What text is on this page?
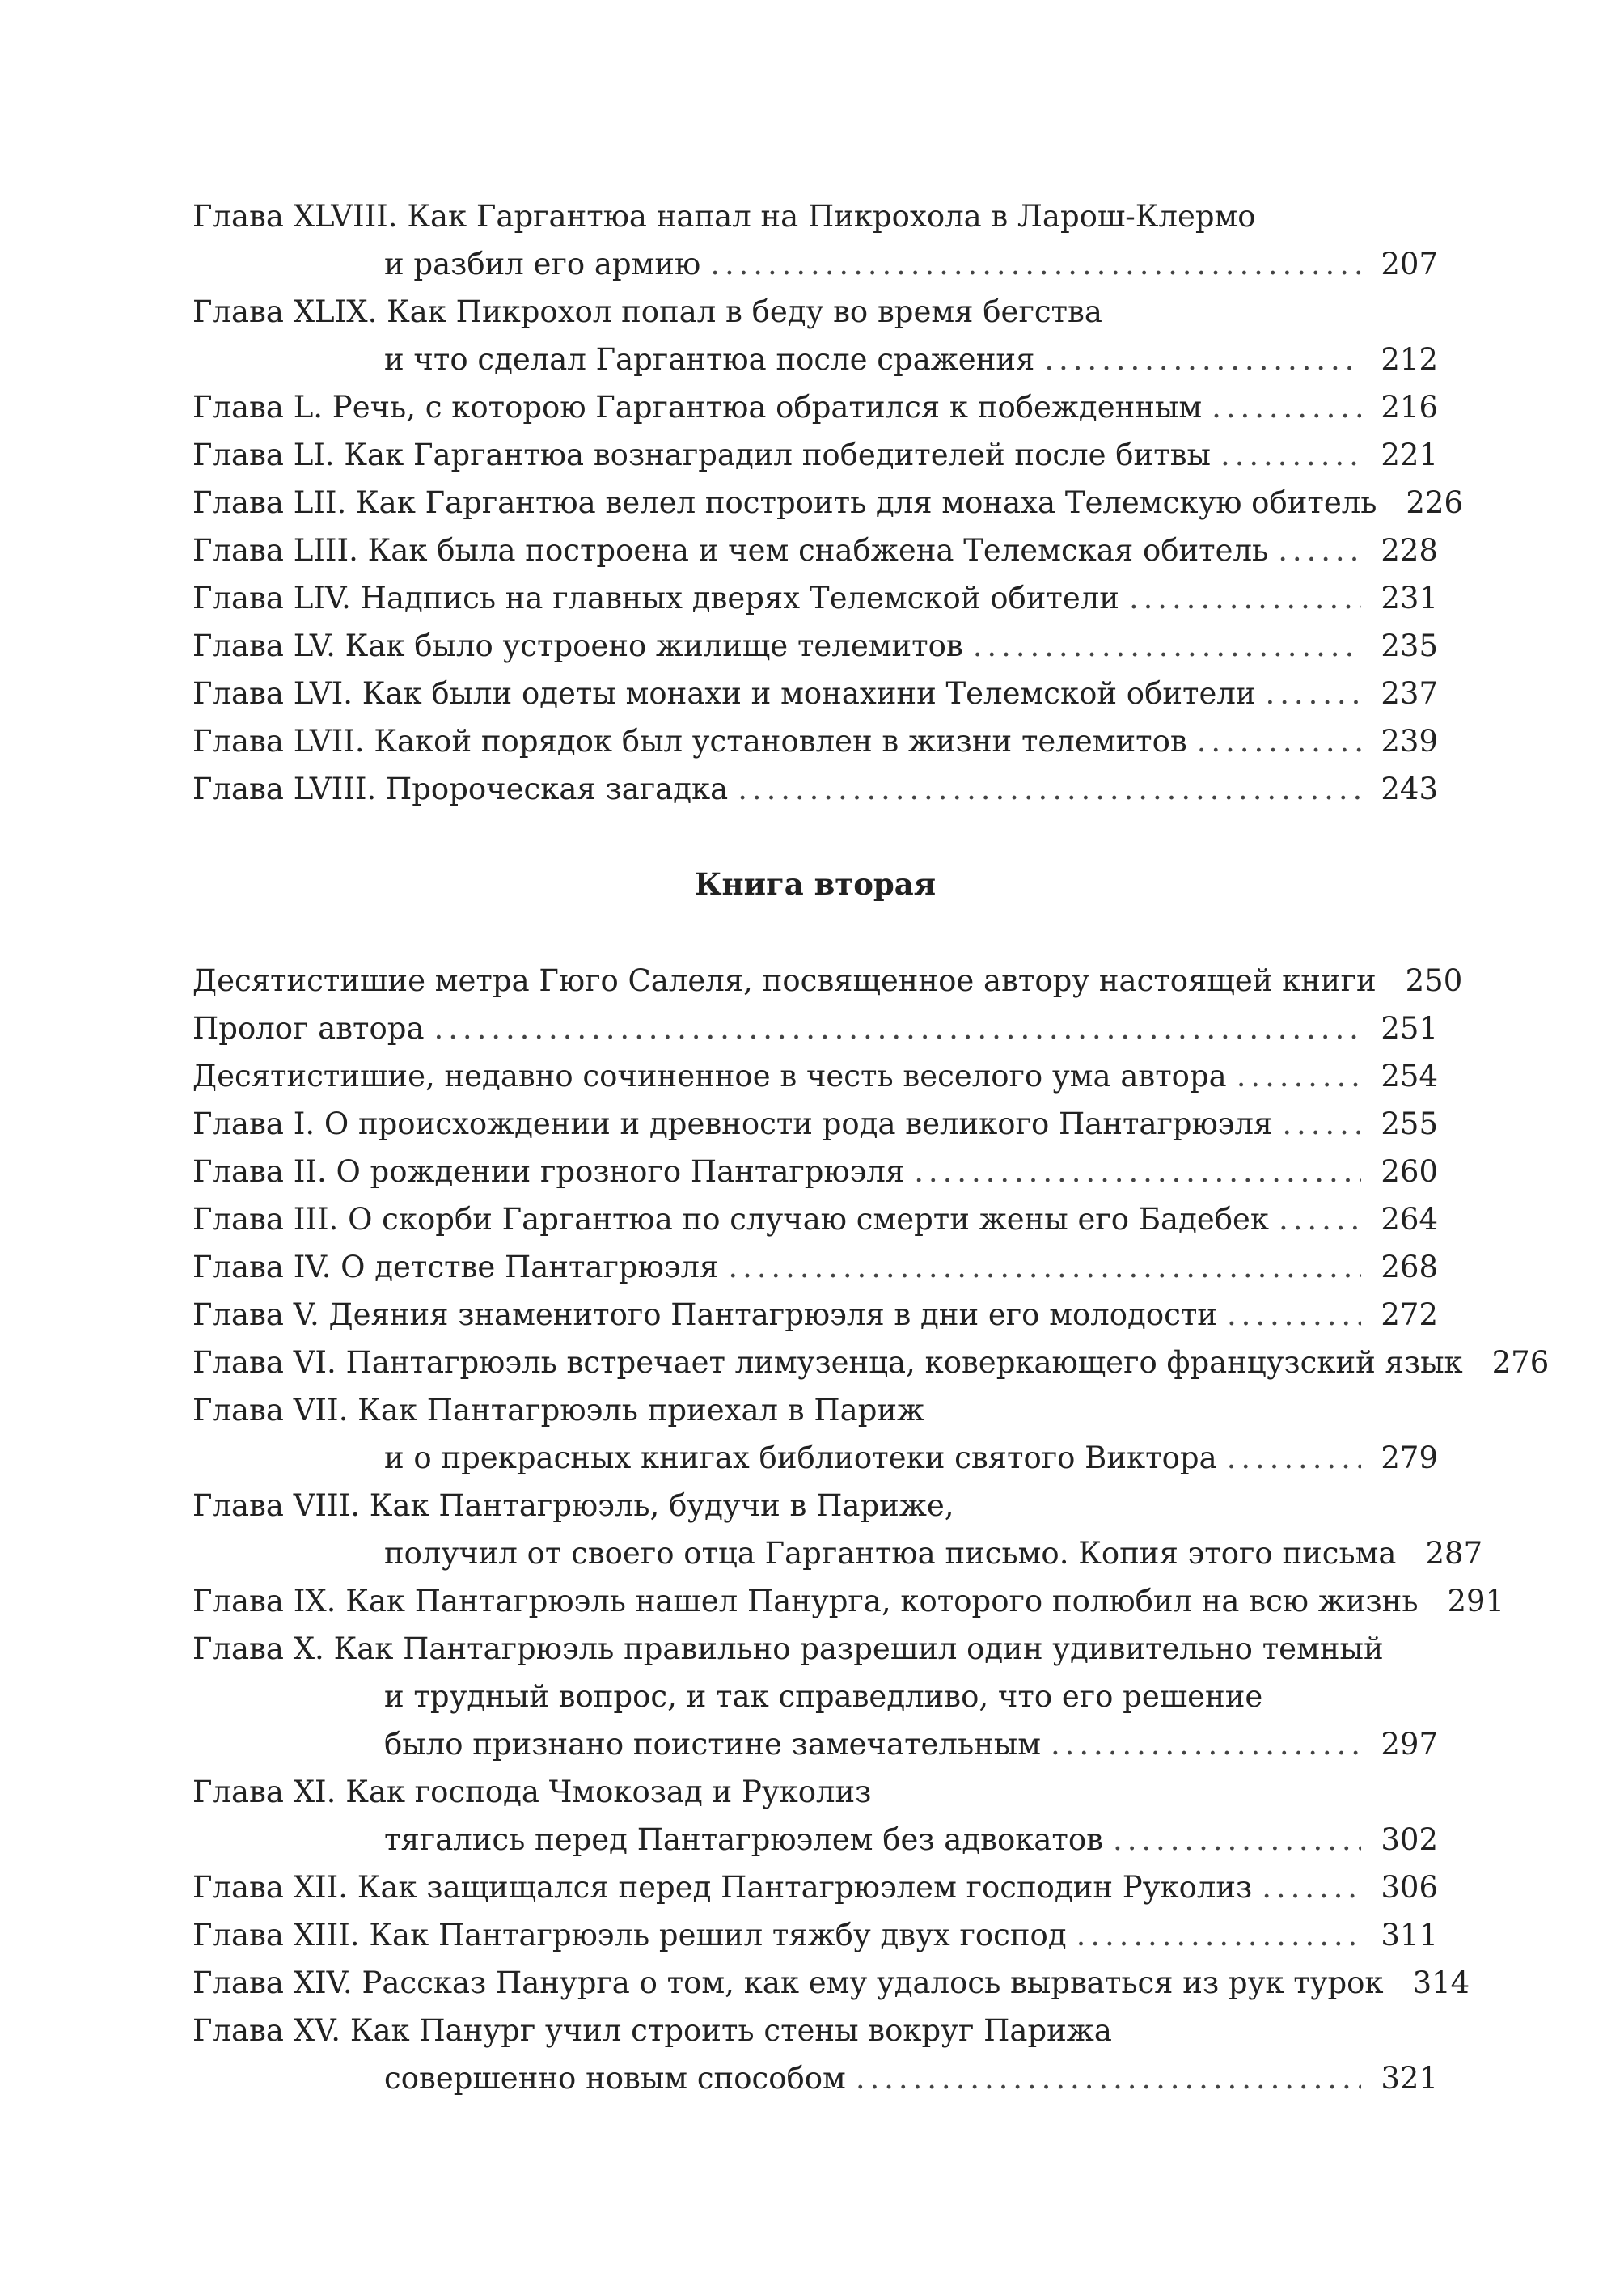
Глава XLVIII. Как Гаргантюа напал на Пикрохола в Ларош-Клермо
и разбил его армию .....	207
Глава XLIX. Как Пикрохол попал в беду во время бегства
и что сделал Гаргантюа после сражения .....	212
Глава L. Речь, с которою Гаргантюа обратился к побежденным .....	216
Глава LI. Как Гаргантюа вознаградил победителей после битвы .....	221
Глава LII. Как Гаргантюа велел построить для монаха Телемскую обитель 226
Глава LIII. Как была построена и чем снабжена Телемская обитель .....	228
Глава LIV. Надпись на главных дверях Телемской обители .....	231
Глава LV. Как было устроено жилище телемитов .....	235
Глава LVI. Как были одеты монахи и монахини Телемской обители .....	237
Глава LVII. Какой порядок был установлен в жизни телемитов .....	239
Глава LVIII. Пророческая загадка .....	243
Книга вторая
Десятистишие метра Гюго Салеля, посвященное автору настоящей книги 250
Пролог автора .....	251
Десятистишие, недавно сочиненное в честь веселого ума автора .....	254
Глава I. О происхождении и древности рода великого Пантагрюэля .....	255
Глава II. О рождении грозного Пантагрюэля .....	260
Глава III. О скорби Гаргантюа по случаю смерти жены его Бадебек .....	264
Глава IV. О детстве Пантагрюэля .....	268
Глава V. Деяния знаменитого Пантагрюэля в дни его молодости .....	272
Глава VI. Пантагрюэль встречает лимузенца, коверкающего французский язык 276
Глава VII. Как Пантагрюэль приехал в Париж
и о прекрасных книгах библиотеки святого Виктора .....	279
Глава VIII. Как Пантагрюэль, будучи в Париже,
получил от своего отца Гаргантюа письмо. Копия этого письма 287
Глава IX. Как Пантагрюэль нашел Панурга, которого полюбил на всю жизнь 291
Глава X. Как Пантагрюэль правильно разрешил один удивительно темный
и трудный вопрос, и так справедливо, что его решение
было признано поистине замечательным .....	297
Глава XI. Как господа Чмокозад и Руколиз
тягались перед Пантагрюэлем без адвокатов .....	302
Глава XII. Как защищался перед Пантагрюэлем господин Руколиз .....	306
Глава XIII. Как Пантагрюэль решил тяжбу двух господ .....	311
Глава XIV. Рассказ Панурга о том, как ему удалось вырваться из рук турок 314
Глава XV. Как Панург учил строить стены вокруг Парижа
совершенно новым способом .....	321
